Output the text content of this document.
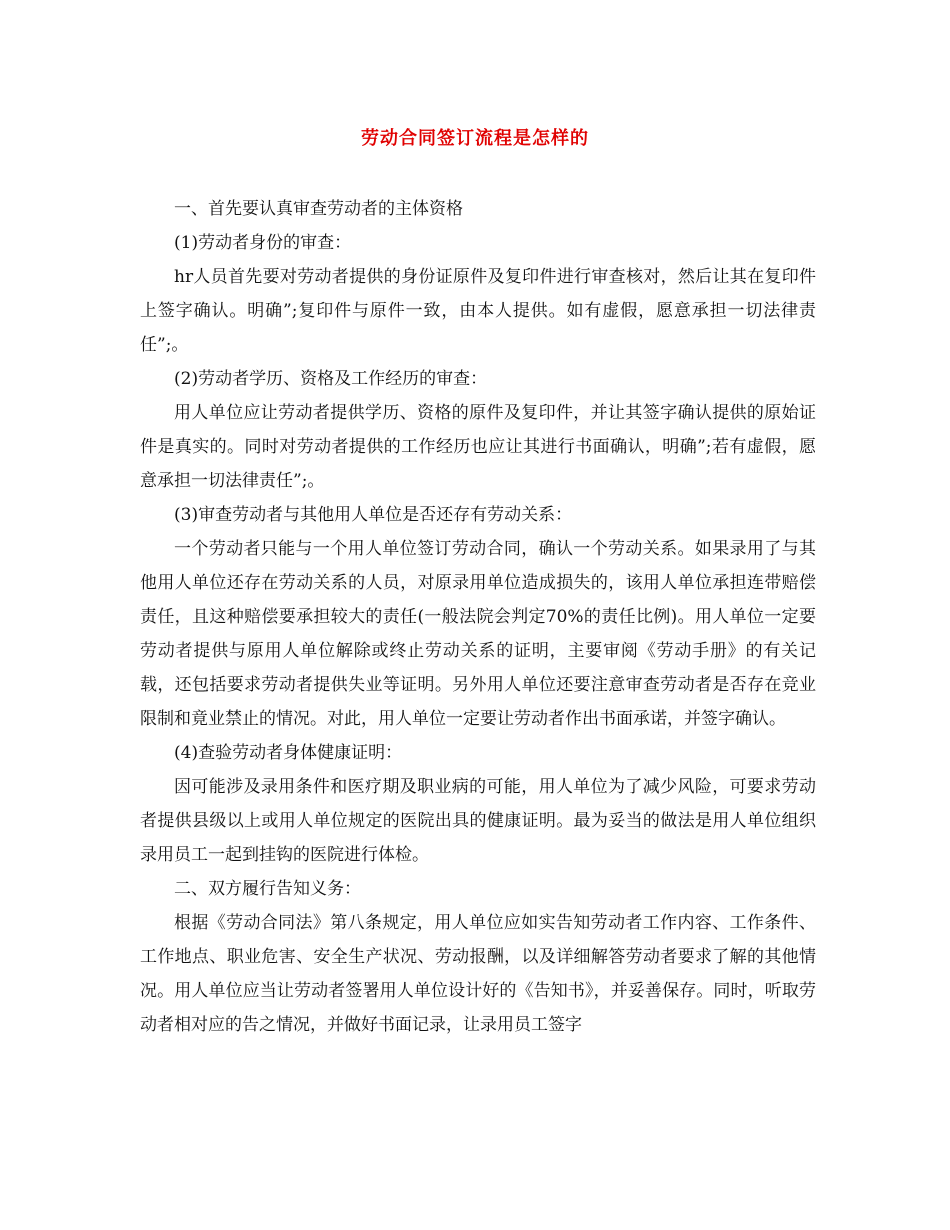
劳动合同签订流程是怎样的

一、首先要认真审查劳动者的主体资格

(1)劳动者身份的审查：

hr人员首先要对劳动者提供的身份证原件及复印件进行审查核对，然后让其在复印件上签字确认。明确”;复印件与原件一致，由本人提供。如有虚假，愿意承担一切法律责任”;。

(2)劳动者学历、资格及工作经历的审查：

用人单位应让劳动者提供学历、资格的原件及复印件，并让其签字确认提供的原始证件是真实的。同时对劳动者提供的工作经历也应让其进行书面确认，明确”;若有虚假，愿意承担一切法律责任”;。

(3)审查劳动者与其他用人单位是否还存有劳动关系：

一个劳动者只能与一个用人单位签订劳动合同，确认一个劳动关系。如果录用了与其他用人单位还存在劳动关系的人员，对原录用单位造成损失的，该用人单位承担连带赔偿责任，且这种赔偿要承担较大的责任(一般法院会判定70%的责任比例)。用人单位一定要劳动者提供与原用人单位解除或终止劳动关系的证明，主要审阅《劳动手册》的有关记载，还包括要求劳动者提供失业等证明。另外用人单位还要注意审查劳动者是否存在竞业限制和竟业禁止的情况。对此，用人单位一定要让劳动者作出书面承诺，并签字确认。

(4)查验劳动者身体健康证明：

因可能涉及录用条件和医疗期及职业病的可能，用人单位为了减少风险，可要求劳动者提供县级以上或用人单位规定的医院出具的健康证明。最为妥当的做法是用人单位组织录用员工一起到挂钩的医院进行体检。

二、双方履行告知义务：

根据《劳动合同法》第八条规定，用人单位应如实告知劳动者工作内容、工作条件、工作地点、职业危害、安全生产状况、劳动报酬，以及详细解答劳动者要求了解的其他情况。用人单位应当让劳动者签署用人单位设计好的《告知书》，并妥善保存。同时，听取劳动者相对应的告之情况，并做好书面记录，让录用员工签字
